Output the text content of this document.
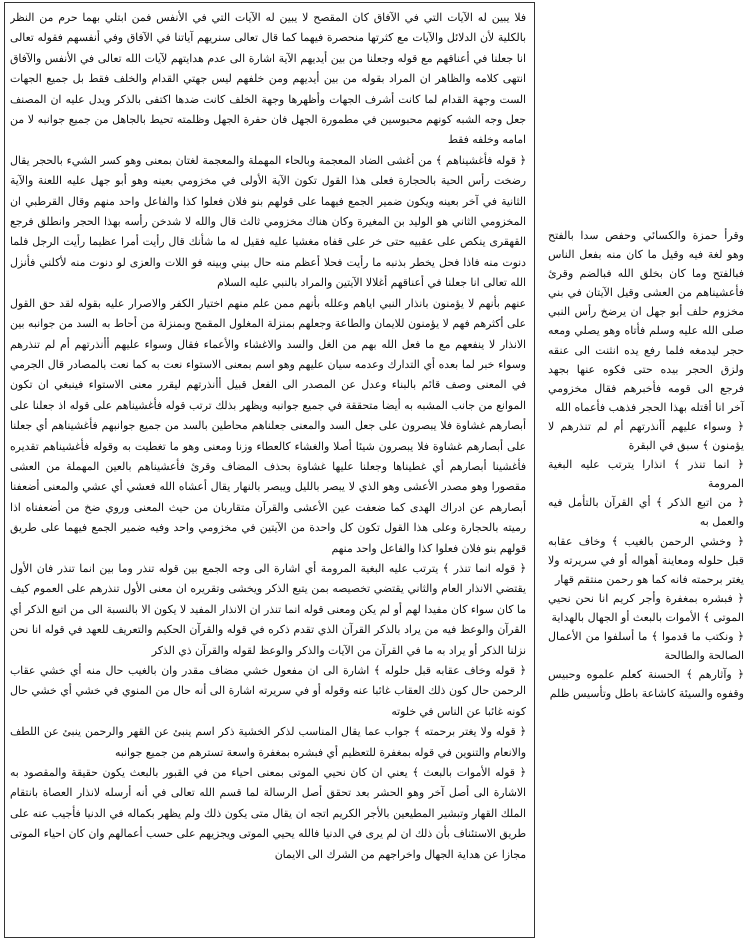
فلا يبين له الآيات التي في الآفاق كان المقصح لا يبين له الآيات التي في الأنفس فمن ابتلي بهما حرم من النظر بالكلية لأن الدلائل والآيات مع كثرتها منحصرة فيهما كما قال تعالى سنريهم آياتنا في الآفاق وفي أنفسهم فقوله تعالى انا جعلنا في أعناقهم مع قوله وجعلنا من بين أيديهم الآية اشارة الى عدم هدايتهم لآيات الله تعالى في الأنفس والآفاق انتهى كلامه والظاهر ان المراد بقوله من بين أيديهم ومن خلفهم ليس جهتي القدام والخلف فقط بل جميع الجهات الست وجهة القدام لما كانت أشرف الجهات وأظهرها وجهة الخلف كانت ضدها اكتفى بالذكر ويدل عليه ان المصنف جعل وجه الشبه كونهم محبوسين في مطمورة الجهل فان حفرة الجهل وظلمته تحيط بالجاهل من جميع جوانبه لا من امامه وخلفه فقط

﴿ قوله فأغشيناهم ﴾ من أغشى الضاد المعجمة وبالحاء المهملة والمعجمة لغتان بمعنى وهو كسر الشيء بالحجر يقال رضخت رأس الحية بالحجارة فعلى هذا القول تكون الآية الأولى في مخزومي بعينه وهو أبو جهل عليه اللعنة والآية الثانية في آخر بعينه ويكون ضمير الجمع فيهما على قولهم بنو فلان فعلوا كذا والفاعل واحد منهم وقال القرطبي ان المخزومي الثاني هو الوليد بن المغيرة وكان هناك مخزومي ثالث قال والله لا شدخن رأسه بهذا الحجر وانطلق فرجع القهقرى ينكص على عقبيه حتى خر على قفاه مغشيا عليه فقيل له ما شأنك قال رأيت أمرا عظيما رأيت الرجل فلما دنوت منه فاذا فحل يخطر بذنبه ما رأيت فحلا أعظم منه حال بيني وبينه فو اللات والعزى لو دنوت منه لأكلني فأنزل الله تعالى انا جعلنا في أعناقهم أغلالا الآيتين والمراد بالنبي عليه السلام

عنهم بأنهم لا يؤمنون بانذار النبي اياهم وعلله بأنهم ممن علم منهم اختيار الكفر والاصرار عليه بقوله لقد حق القول على أكثرهم فهم لا يؤمنون للايمان والطاعة وجعلهم بمنزلة المغلول المقمح وبمنزلة من أحاط به السد من جوانبه بين الانذار لا ينفعهم مع ما فعل الله بهم من الغل والسد والاغشاء والأعماء فقال وسواء عليهم أأنذرتهم أم لم تنذرهم وسواء خبر لما بعده أي التدارك وعدمه سيان عليهم وهو اسم بمعنى الاستواء نعت به كما نعت بالمصادر قال الجرمي في المعنى وصف قائم بالبناء وعدل عن المصدر الى الفعل قبيل أأنذرتهم ليقرر معنى الاستواء فينبغي ان تكون الموانع من جانب المشبه به أيضا متحققة في جميع جوانبه ويظهر بذلك ترتب قوله فأغشيناهم على قوله اذ جعلنا على أبصارهم غشاوة فلا يبصرون على جعل السد والمعنى جعلناهم محاطين بالسد من جميع جوانبهم فأغشيناهم أي جعلنا على أبصارهم غشاوة فلا يبصرون شيئا أصلا والغشاء كالعطاء وزنا ومعنى وهو ما تغطيت به وقوله فأغشيناهم تقديره فأغشينا أبصارهم أي غطيناها وجعلنا عليها غشاوة بحذف المضاف وقرئ فأعشيناهم بالعين المهملة من العشى مقصورا وهو مصدر الأعشى وهو الذي لا يبصر بالليل ويبصر بالنهار يقال أعشاه الله فعشي أي عشي والمعنى أضعفنا أبصارهم عن ادراك الهدى كما ضعفت عين الأعشى والقرآن متقاربان من حيث المعنى وروي ضخ من أضعفناه اذا رميته بالحجارة وعلى هذا القول تكون كل واحدة من الآيتين في مخزومي واحد وفيه ضمير الجمع فيهما على طريق قولهم بنو فلان فعلوا كذا والفاعل واحد منهم

﴿ قوله انما تنذر ﴾ يترتب عليه البغية المرومة أي اشارة الى وجه الجمع بين قوله تنذر وما بين انما تنذر فان الأول يقتضي الانذار العام والثاني يقتضي تخصيصه بمن يتبع الذكر ويخشى وتقريره ان معنى الأول تنذرهم على العموم كيف ما كان سواء كان مفيدا لهم أو لم يكن ومعنى قوله انما تنذر ان الانذار المفيد لا يكون الا بالنسبة الى من اتبع الذكر أي القرآن والوعظ فيه من يراد بالذكر القرآن الذي تقدم ذكره في قوله والقرآن الحكيم والتعريف للعهد في قوله انا نحن نزلنا الذكر أو يراد به ما في القرآن من الآيات والذكر والوعظ لقوله والقرآن ذي الذكر

﴿ قوله وخاف عقابه قبل حلوله ﴾ اشارة الى ان مفعول خشي مضاف مقدر وان بالغيب حال منه أي خشي عقاب الرحمن حال كون ذلك العقاب غائبا عنه وقوله أو في سريرته اشارة الى أنه حال من المنوي في خشي أي خشي حال كونه غائبا عن الناس في خلوته

﴿ قوله ولا يغتر برحمته ﴾ جواب عما يقال المناسب لذكر الخشية ذكر اسم ينبئ عن القهر والرحمن ينبئ عن اللطف والانعام والتنوين في قوله بمغفرة للتعظيم أي فبشره بمغفرة واسعة تسترهم من جميع جوانبه

﴿ قوله الأموات بالبعث ﴾ يعني ان كان نحيي الموتى بمعنى احياء من في القبور بالبعث يكون حقيقة والمقصود به الاشارة الى أصل آخر وهو الحشر بعد تحقق أصل الرسالة لما قسم الله تعالى في أنه أرسله لانذار العصاة بانتقام الملك القهار وتبشير المطيعين بالأجر الكريم اتجه ان يقال متى يكون ذلك ولم يظهر بكماله في الدنيا فأجيب عنه على طريق الاستئناف بأن ذلك ان لم يرى في الدنيا فالله يحيي الموتى ويجزيهم على حسب أعمالهم وان كان احياء الموتى مجازا عن هداية الجهال واخراجهم من الشرك الى الايمان

وقرأ حمزة والكسائي وحفص سدا بالفتح وهو لغة فيه وقيل ما كان منه بفعل الناس فبالفتح وما كان بخلق الله فبالضم وقرئ فأعشيناهم من العشى وقيل الآيتان في بني مخزوم حلف أبو جهل ان يرضخ رأس النبي صلى الله عليه وسلم فأتاه وهو يصلي ومعه حجر ليدمغه فلما رفع يده انثنت الى عنقه ولزق الحجر بيده حتى فكوه عنها بجهد فرجع الى قومه فأخبرهم فقال مخزومي آخر انا أقتله بهذا الحجر فذهب فأعماه الله

﴿ وسواء عليهم أأنذرتهم أم لم تنذرهم لا يؤمنون ﴾ سبق في البقرة

﴿ انما تنذر ﴾ انذارا يترتب عليه البغية المرومة

﴿ من اتبع الذكر ﴾ أي القرآن بالتأمل فيه والعمل به

﴿ وخشي الرحمن بالغيب ﴾ وخاف عقابه قبل حلوله ومعاينة أهواله أو في سريرته ولا يغتر برحمته فانه كما هو رحمن منتقم قهار

﴿ فبشره بمغفرة وأجر كريم انا نحن نحيي الموتى ﴾ الأموات بالبعث أو الجهال بالهداية

﴿ ونكتب ما قدموا ﴾ ما أسلفوا من الأعمال الصالحة والطالحة

﴿ وآثارهم ﴾ الحسنة كعلم علموه وحبيس وقفوه والسيئة كاشاعة باطل وتأسيس ظلم
